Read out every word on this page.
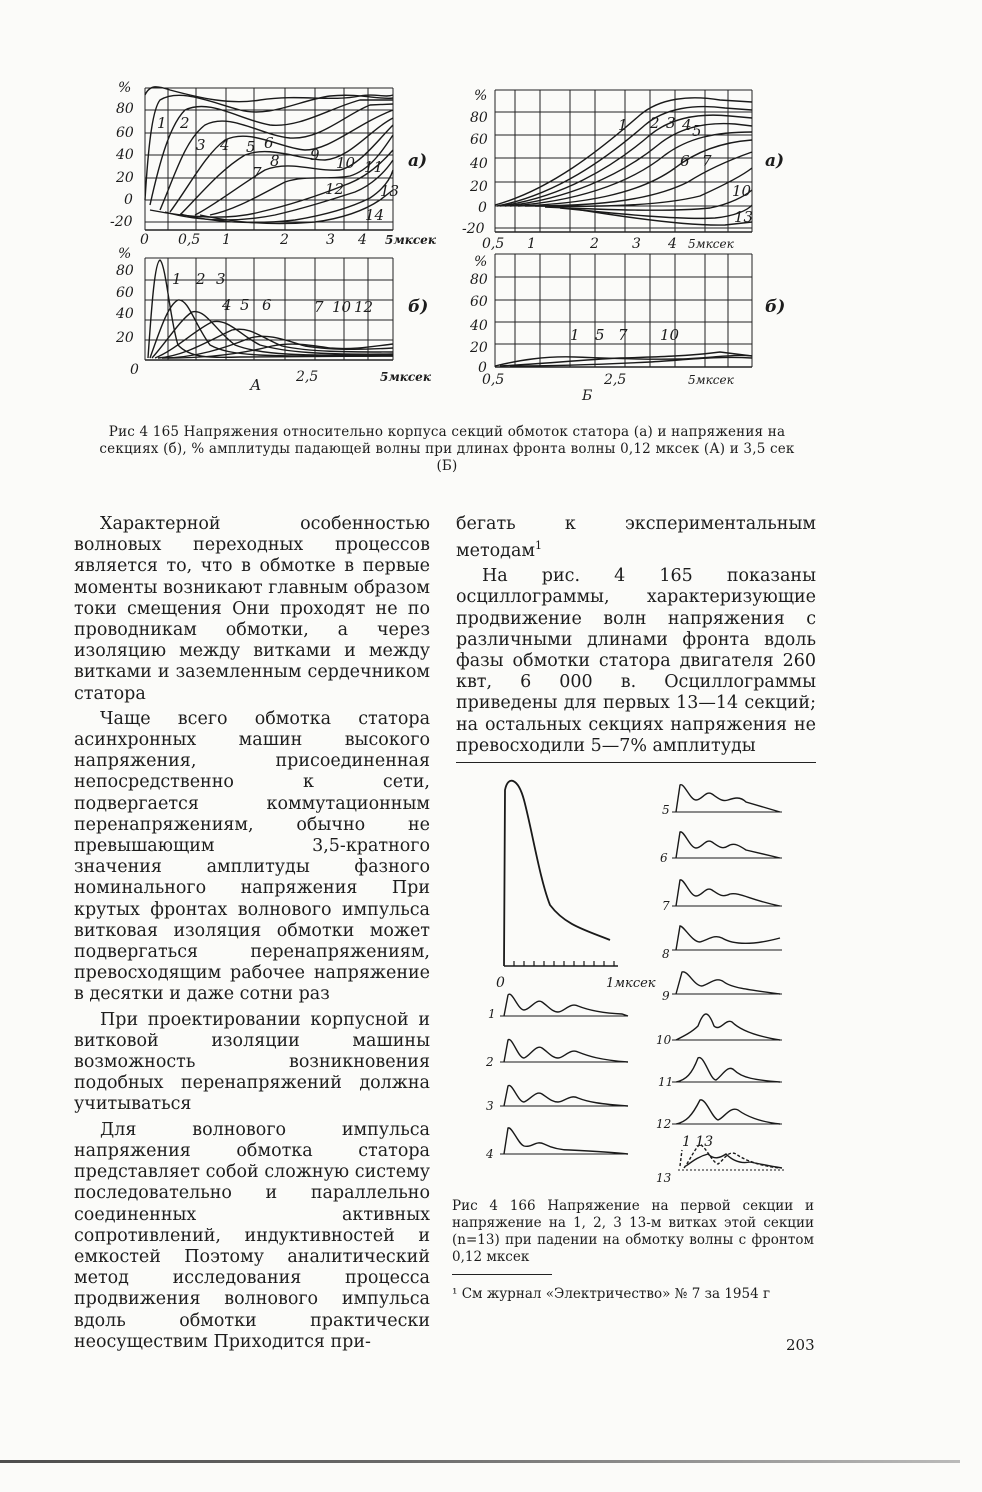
%
80
60
40
20
0
-20
0 0,5 1	2	3 4 5мксек
1 2
3 4 5 6
7
8 9 10 11
12 13
14
а)
%
80
60
40
20
0	2,5	5мксек
1 2 3
4 5 6	7 10 12 б)
А
%
80
60
40
20
0
-20
0,5 1	2 3 4 5мксек
1 2 3 4 5
6 7
10
13
а)
%
80
60
40
20
0
0,5	2,5	5мксек
1 5 7 10
б)
Б
0	1мксек
1
2
3
4
5
6
7
8
9
10
11
12
13
1 13
Рис 4 165 Напряжения относительно корпуса секций обмоток статора (а) и напряжения на секциях (б), % амплитуды падающей волны при длинах фронта волны 0,12 мксек (А) и 3,5 сек (Б)

Характерной особенностью волновых переходных процессов является то, что в обмотке в первые моменты возникают главным образом токи смещения Они проходят не по проводникам обмотки, а через изоляцию между витками и между витками и заземленным сердечником статора

Чаще всего обмотка статора асинхронных машин высокого напряжения, присоединенная непосредственно к сети, подвергается коммутационным перенапряжениям, обычно не превышающим 3,5-кратного значения амплитуды фазного номинального напряжения При крутых фронтах волнового импульса витковая изоляция обмотки может подвергаться перенапряжениям, превосходящим рабочее напряжение в десятки и даже сотни раз

При проектировании корпусной и витковой изоляции машины возможность возникновения подобных перенапряжений должна учитываться

Для волнового импульса напряжения обмотка статора представляет собой сложную систему последовательно и параллельно соединенных активных сопротивлений, индуктивностей и емкостей Поэтому аналитический метод исследования процесса продвижения волнового импульса вдоль обмотки практически неосуществим Приходится при-

бегать к экспериментальным методам$^1$

На рис. 4 165 показаны осциллограммы, характеризующие продвижение волн напряжения с различными длинами фронта вдоль фазы обмотки статора двигателя 260 квт, 6 000 в. Осциллограммы приведены для первых 13—14 секций; на остальных секциях напряжения не превосходили 5—7% амплитуды

Рис 4 166 Напряжение на первой секции и напряжение на 1, 2, 3 13-м витках этой секции (n=13) при падении на обмотку волны с фронтом 0,12 мксек
¹ См журнал «Электричество» № 7 за 1954 г
203
